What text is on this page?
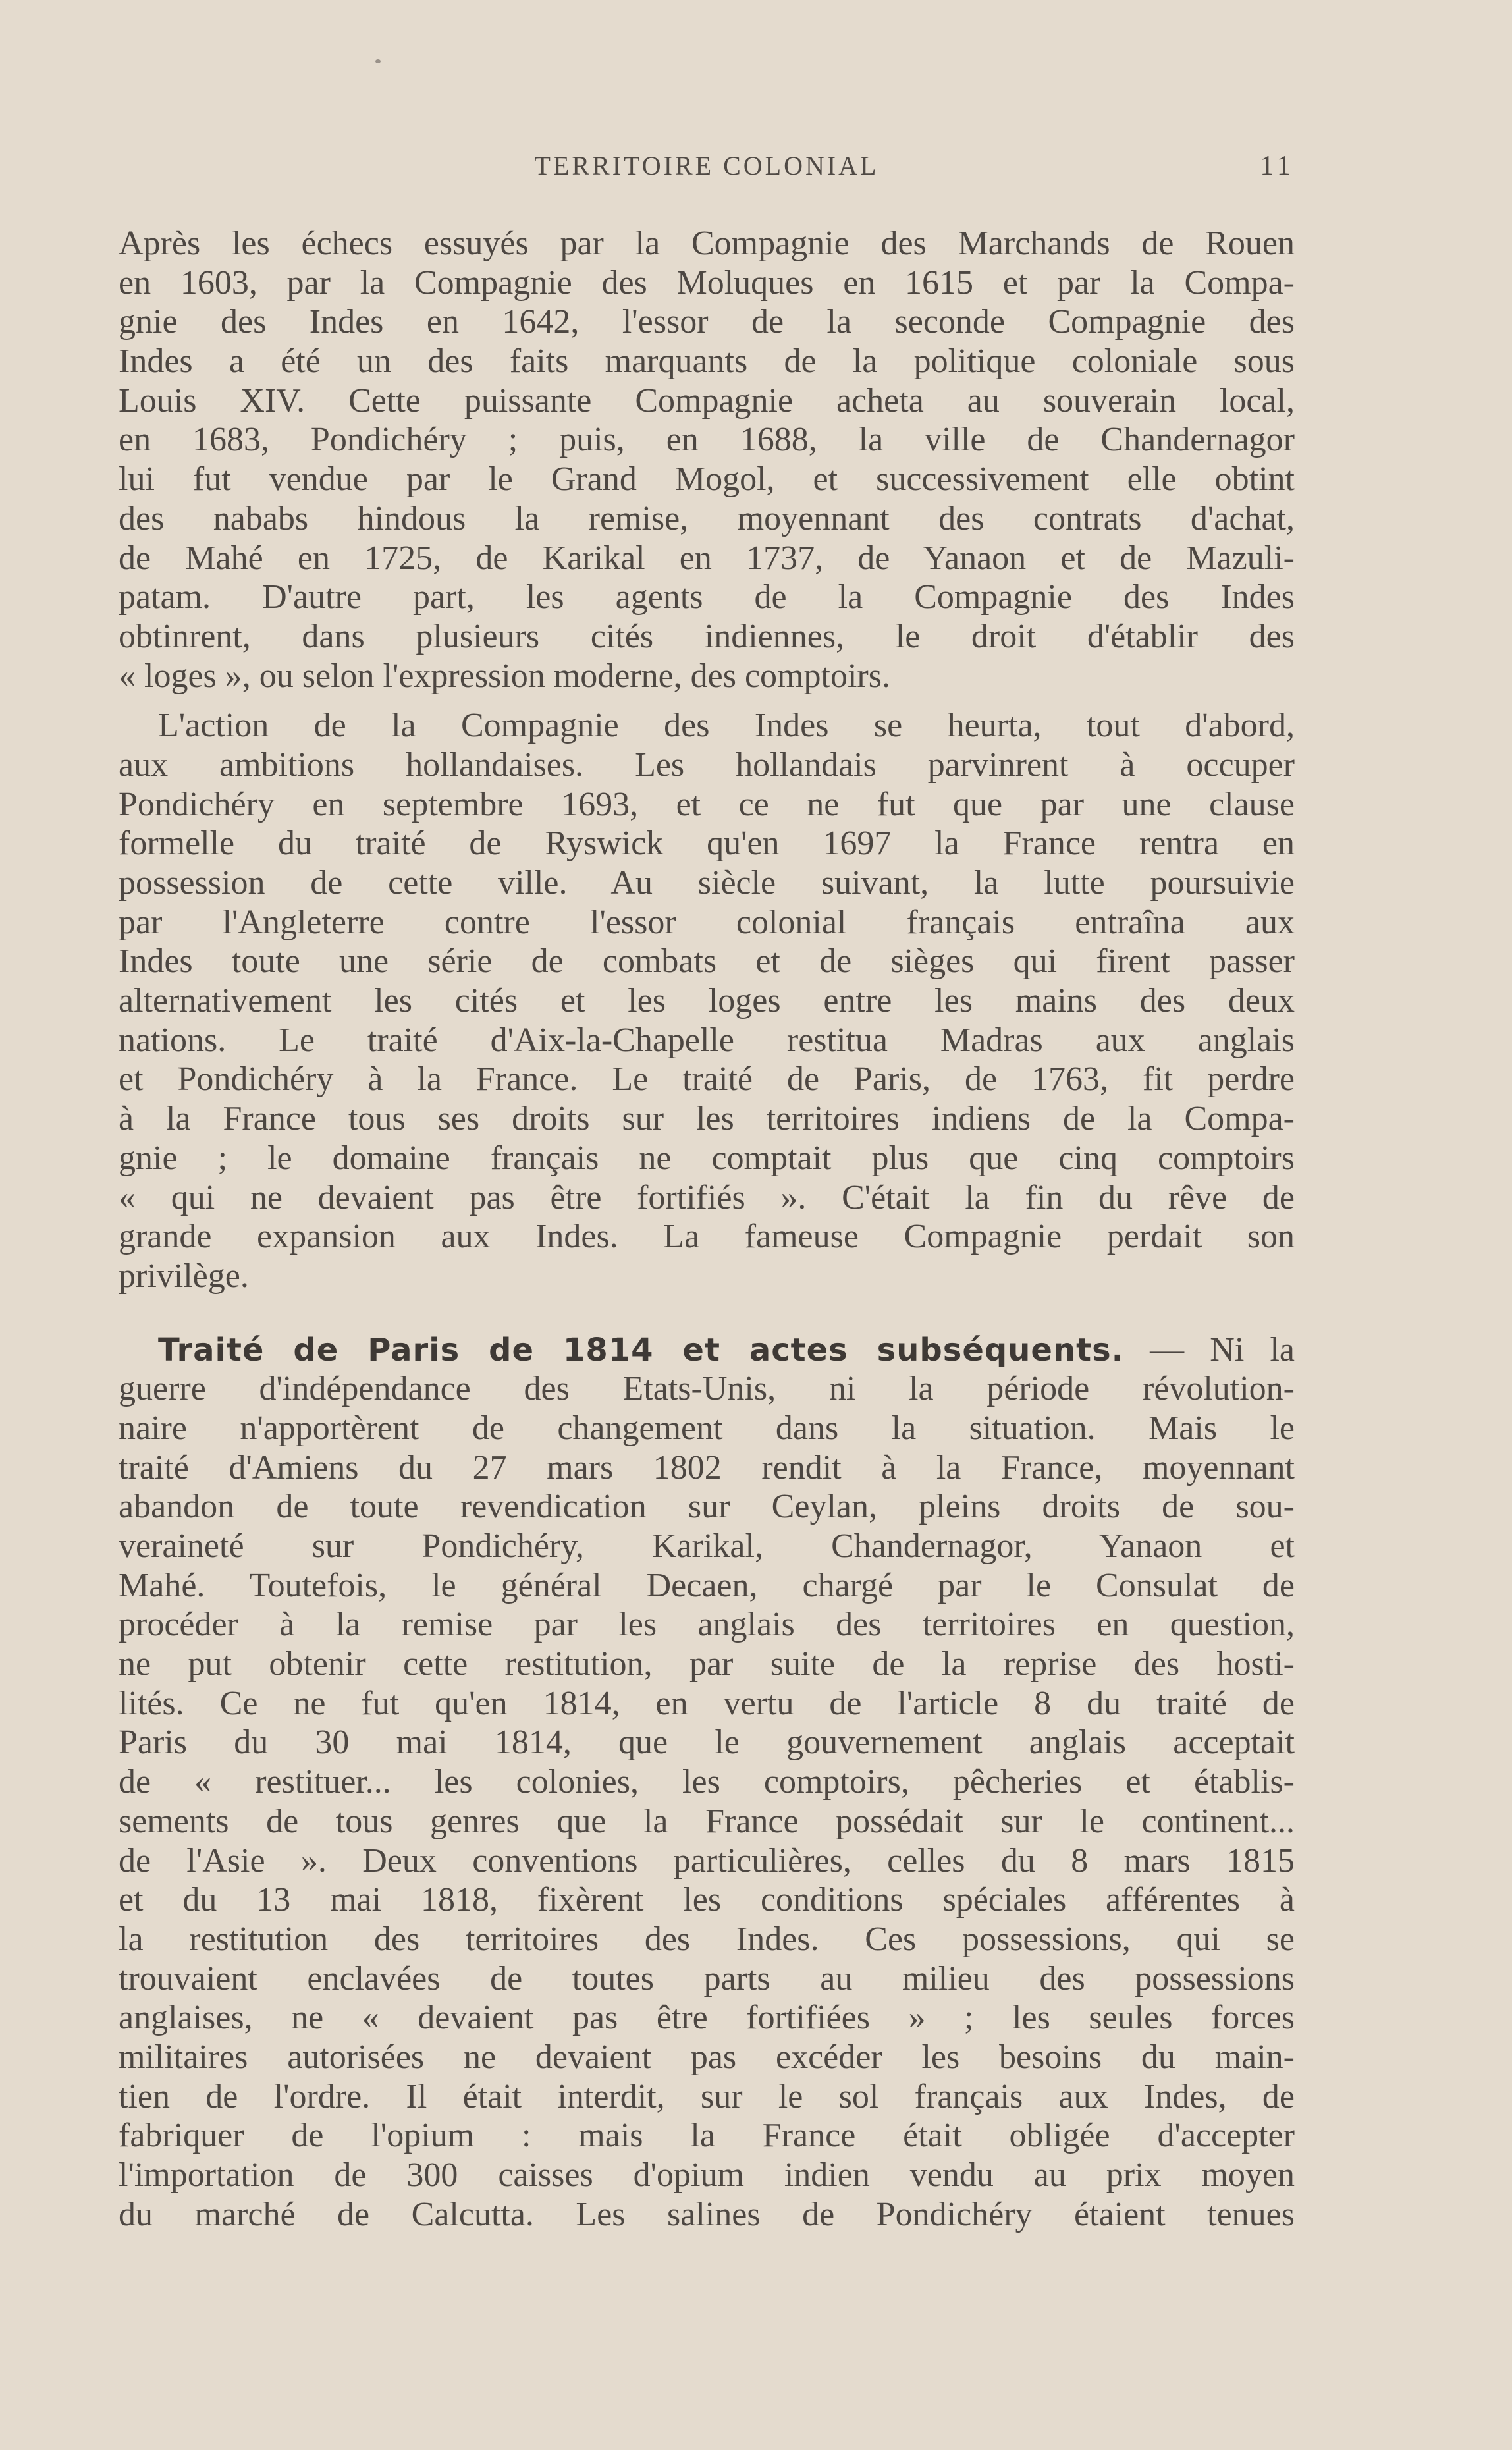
TERRITOIRE COLONIAL	11
Après les échecs essuyés par la Compagnie des Marchands de Rouen
en 1603, par la Compagnie des Moluques en 1615 et par la Compa-
gnie des Indes en 1642, l'essor de la seconde Compagnie des
Indes a été un des faits marquants de la politique coloniale sous
Louis XIV. Cette puissante Compagnie acheta au souverain local,
en 1683, Pondichéry ; puis, en 1688, la ville de Chandernagor
lui fut vendue par le Grand Mogol, et successivement elle obtint
des nababs hindous la remise, moyennant des contrats d'achat,
de Mahé en 1725, de Karikal en 1737, de Yanaon et de Mazuli-
patam. D'autre part, les agents de la Compagnie des Indes
obtinrent, dans plusieurs cités indiennes, le droit d'établir des
« loges », ou selon l'expression moderne, des comptoirs.
L'action de la Compagnie des Indes se heurta, tout d'abord,
aux ambitions hollandaises. Les hollandais parvinrent à occuper
Pondichéry en septembre 1693, et ce ne fut que par une clause
formelle du traité de Ryswick qu'en 1697 la France rentra en
possession de cette ville. Au siècle suivant, la lutte poursuivie
par l'Angleterre contre l'essor colonial français entraîna aux
Indes toute une série de combats et de sièges qui firent passer
alternativement les cités et les loges entre les mains des deux
nations. Le traité d'Aix-la-Chapelle restitua Madras aux anglais
et Pondichéry à la France. Le traité de Paris, de 1763, fit perdre
à la France tous ses droits sur les territoires indiens de la Compa-
gnie ; le domaine français ne comptait plus que cinq comptoirs
« qui ne devaient pas être fortifiés ». C'était la fin du rêve de
grande expansion aux Indes. La fameuse Compagnie perdait son
privilège.
Traité de Paris de 1814 et actes subséquents. — Ni la
guerre d'indépendance des Etats-Unis, ni la période révolution-
naire n'apportèrent de changement dans la situation. Mais le
traité d'Amiens du 27 mars 1802 rendit à la France, moyennant
abandon de toute revendication sur Ceylan, pleins droits de sou-
veraineté sur Pondichéry, Karikal, Chandernagor, Yanaon et
Mahé. Toutefois, le général Decaen, chargé par le Consulat de
procéder à la remise par les anglais des territoires en question,
ne put obtenir cette restitution, par suite de la reprise des hosti-
lités. Ce ne fut qu'en 1814, en vertu de l'article 8 du traité de
Paris du 30 mai 1814, que le gouvernement anglais acceptait
de « restituer... les colonies, les comptoirs, pêcheries et établis-
sements de tous genres que la France possédait sur le continent...
de l'Asie ». Deux conventions particulières, celles du 8 mars 1815
et du 13 mai 1818, fixèrent les conditions spéciales afférentes à
la restitution des territoires des Indes. Ces possessions, qui se
trouvaient enclavées de toutes parts au milieu des possessions
anglaises, ne « devaient pas être fortifiées » ; les seules forces
militaires autorisées ne devaient pas excéder les besoins du main-
tien de l'ordre. Il était interdit, sur le sol français aux Indes, de
fabriquer de l'opium : mais la France était obligée d'accepter
l'importation de 300 caisses d'opium indien vendu au prix moyen
du marché de Calcutta. Les salines de Pondichéry étaient tenues
